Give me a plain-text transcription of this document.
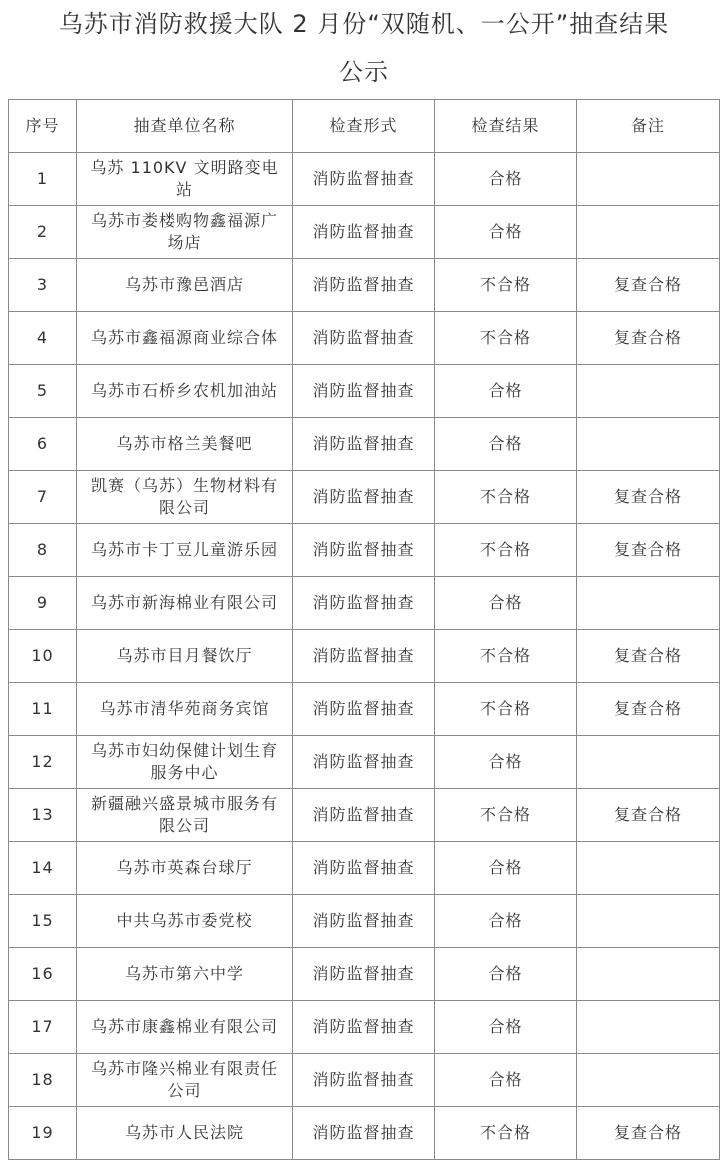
乌苏市消防救援大队 2 月份“双随机、一公开”抽查结果
公示
序号	抽查单位名称	检查形式	检查结果	备注
1	乌苏 110KV 文明路变电站	消防监督抽查	合格	
2	乌苏市娄楼购物鑫福源广场店	消防监督抽查	合格	
3	乌苏市豫邑酒店	消防监督抽查	不合格	复查合格
4	乌苏市鑫福源商业综合体	消防监督抽查	不合格	复查合格
5	乌苏市石桥乡农机加油站	消防监督抽查	合格	
6	乌苏市格兰美餐吧	消防监督抽查	合格	
7	凯赛（乌苏）生物材料有限公司	消防监督抽查	不合格	复查合格
8	乌苏市卡丁豆儿童游乐园	消防监督抽查	不合格	复查合格
9	乌苏市新海棉业有限公司	消防监督抽查	合格	
10	乌苏市目月餐饮厅	消防监督抽查	不合格	复查合格
11	乌苏市清华苑商务宾馆	消防监督抽查	不合格	复查合格
12	乌苏市妇幼保健计划生育服务中心	消防监督抽查	合格	
13	新疆融兴盛景城市服务有限公司	消防监督抽查	不合格	复查合格
14	乌苏市英森台球厅	消防监督抽查	合格	
15	中共乌苏市委党校	消防监督抽查	合格	
16	乌苏市第六中学	消防监督抽查	合格	
17	乌苏市康鑫棉业有限公司	消防监督抽查	合格	
18	乌苏市隆兴棉业有限责任公司	消防监督抽查	合格	
19	乌苏市人民法院	消防监督抽查	不合格	复查合格
